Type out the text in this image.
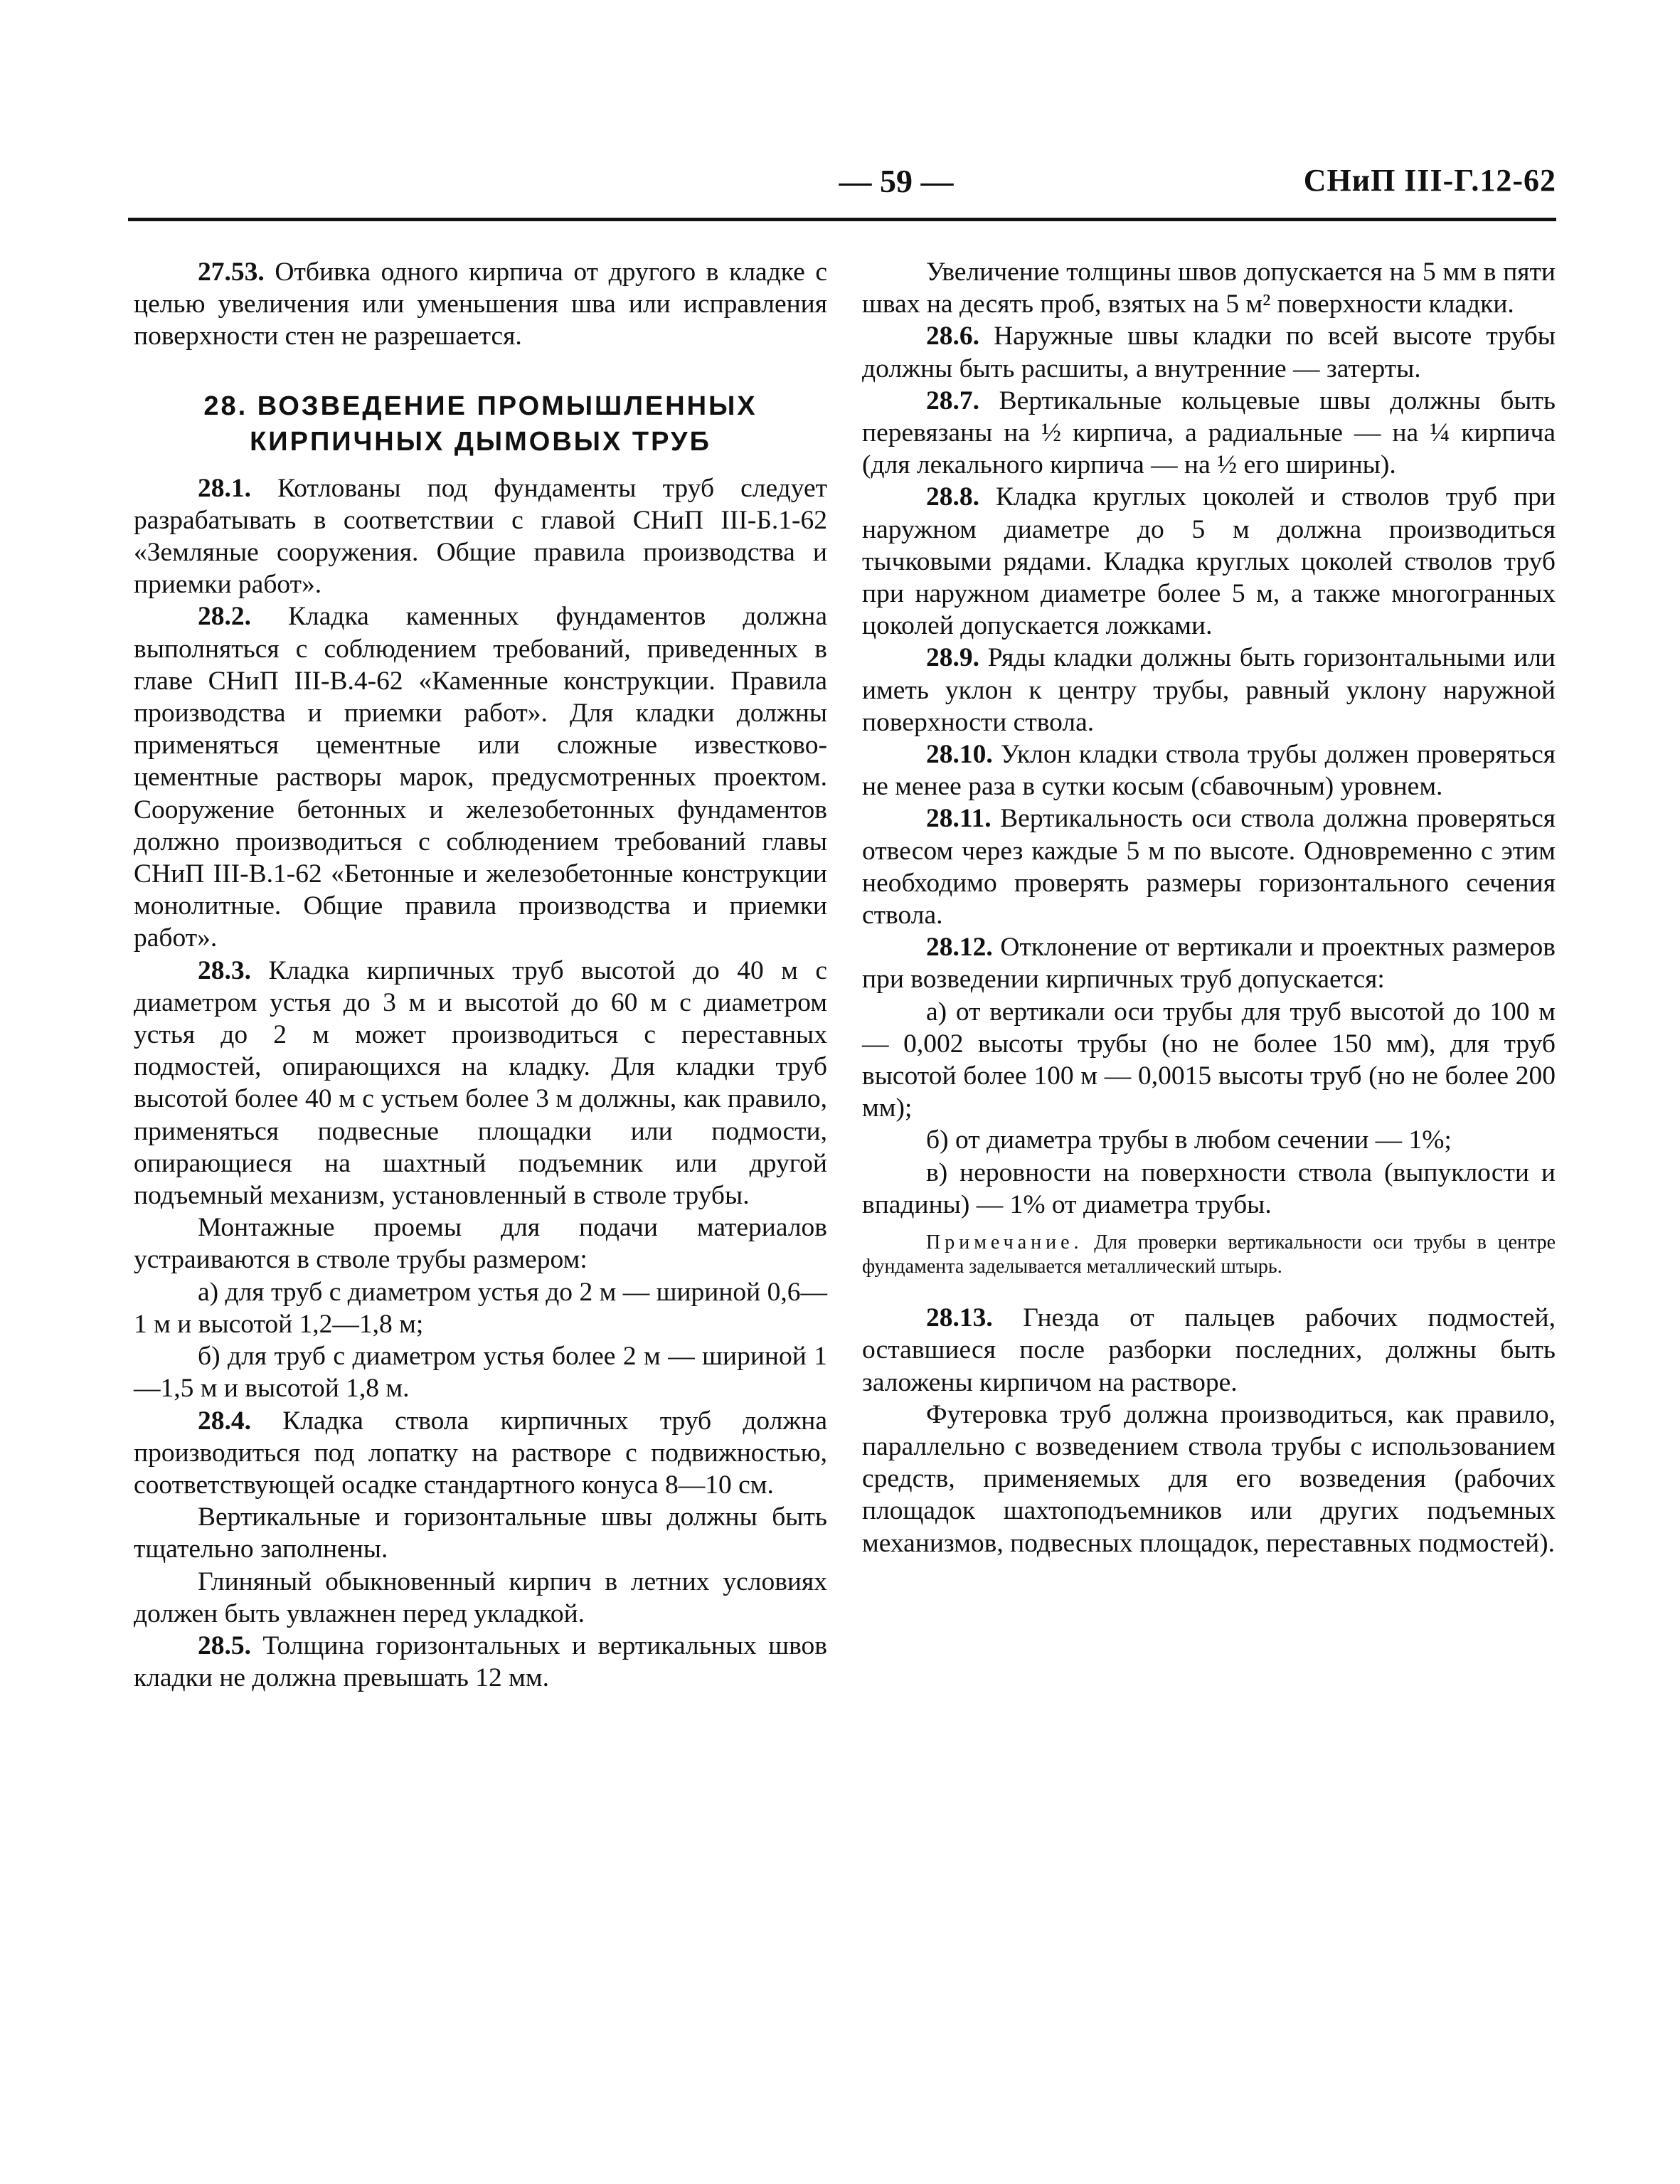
— 59 —	СНиП III-Г.12-62

27.53. Отбивка одного кирпича от другого в кладке с целью увеличения или уменьшения шва или исправления поверхности стен не разрешается.

28. ВОЗВЕДЕНИЕ ПРОМЫШЛЕННЫХ
КИРПИЧНЫХ ДЫМОВЫХ ТРУБ

28.1. Котлованы под фундаменты труб следует разрабатывать в соответствии с главой СНиП III-Б.1-62 «Земляные сооружения. Общие правила производства и приемки работ».

28.2. Кладка каменных фундаментов должна выполняться с соблюдением требований, приведенных в главе СНиП III-В.4-62 «Каменные конструкции. Правила производства и приемки работ». Для кладки должны применяться цементные или сложные известково-цементные растворы марок, предусмотренных проектом. Сооружение бетонных и железобетонных фундаментов должно производиться с соблюдением требований главы СНиП III-В.1-62 «Бетонные и железобетонные конструкции монолитные. Общие правила производства и приемки работ».

28.3. Кладка кирпичных труб высотой до 40 м с диаметром устья до 3 м и высотой до 60 м с диаметром устья до 2 м может производиться с переставных подмостей, опирающихся на кладку. Для кладки труб высотой более 40 м с устьем более 3 м должны, как правило, применяться подвесные площадки или подмости, опирающиеся на шахтный подъемник или другой подъемный механизм, установленный в стволе трубы.

Монтажные проемы для подачи материалов устраиваются в стволе трубы размером:

а) для труб с диаметром устья до 2 м — шириной 0,6—1 м и высотой 1,2—1,8 м;

б) для труб с диаметром устья более 2 м — шириной 1—1,5 м и высотой 1,8 м.

28.4. Кладка ствола кирпичных труб должна производиться под лопатку на растворе с подвижностью, соответствующей осадке стандартного конуса 8—10 см.

Вертикальные и горизонтальные швы должны быть тщательно заполнены.

Глиняный обыкновенный кирпич в летних условиях должен быть увлажнен перед укладкой.

28.5. Толщина горизонтальных и вертикальных швов кладки не должна превышать 12 мм.

Увеличение толщины швов допускается на 5 мм в пяти швах на десять проб, взятых на 5 м² поверхности кладки.

28.6. Наружные швы кладки по всей высоте трубы должны быть расшиты, а внутренние — затерты.

28.7. Вертикальные кольцевые швы должны быть перевязаны на ½ кирпича, а радиальные — на ¼ кирпича (для лекального кирпича — на ½ его ширины).

28.8. Кладка круглых цоколей и стволов труб при наружном диаметре до 5 м должна производиться тычковыми рядами. Кладка круглых цоколей стволов труб при наружном диаметре более 5 м, а также многогранных цоколей допускается ложками.

28.9. Ряды кладки должны быть горизонтальными или иметь уклон к центру трубы, равный уклону наружной поверхности ствола.

28.10. Уклон кладки ствола трубы должен проверяться не менее раза в сутки косым (сбавочным) уровнем.

28.11. Вертикальность оси ствола должна проверяться отвесом через каждые 5 м по высоте. Одновременно с этим необходимо проверять размеры горизонтального сечения ствола.

28.12. Отклонение от вертикали и проектных размеров при возведении кирпичных труб допускается:

а) от вертикали оси трубы для труб высотой до 100 м — 0,002 высоты трубы (но не более 150 мм), для труб высотой более 100 м — 0,0015 высоты труб (но не более 200 мм);

б) от диаметра трубы в любом сечении — 1%;

в) неровности на поверхности ствола (выпуклости и впадины) — 1% от диаметра трубы.

Примечание. Для проверки вертикальности оси трубы в центре фундамента заделывается металлический штырь.

28.13. Гнезда от пальцев рабочих подмостей, оставшиеся после разборки последних, должны быть заложены кирпичом на растворе.

Футеровка труб должна производиться, как правило, параллельно с возведением ствола трубы с использованием средств, применяемых для его возведения (рабочих площадок шахтоподъемников или других подъемных механизмов, подвесных площадок, переставных подмостей).
